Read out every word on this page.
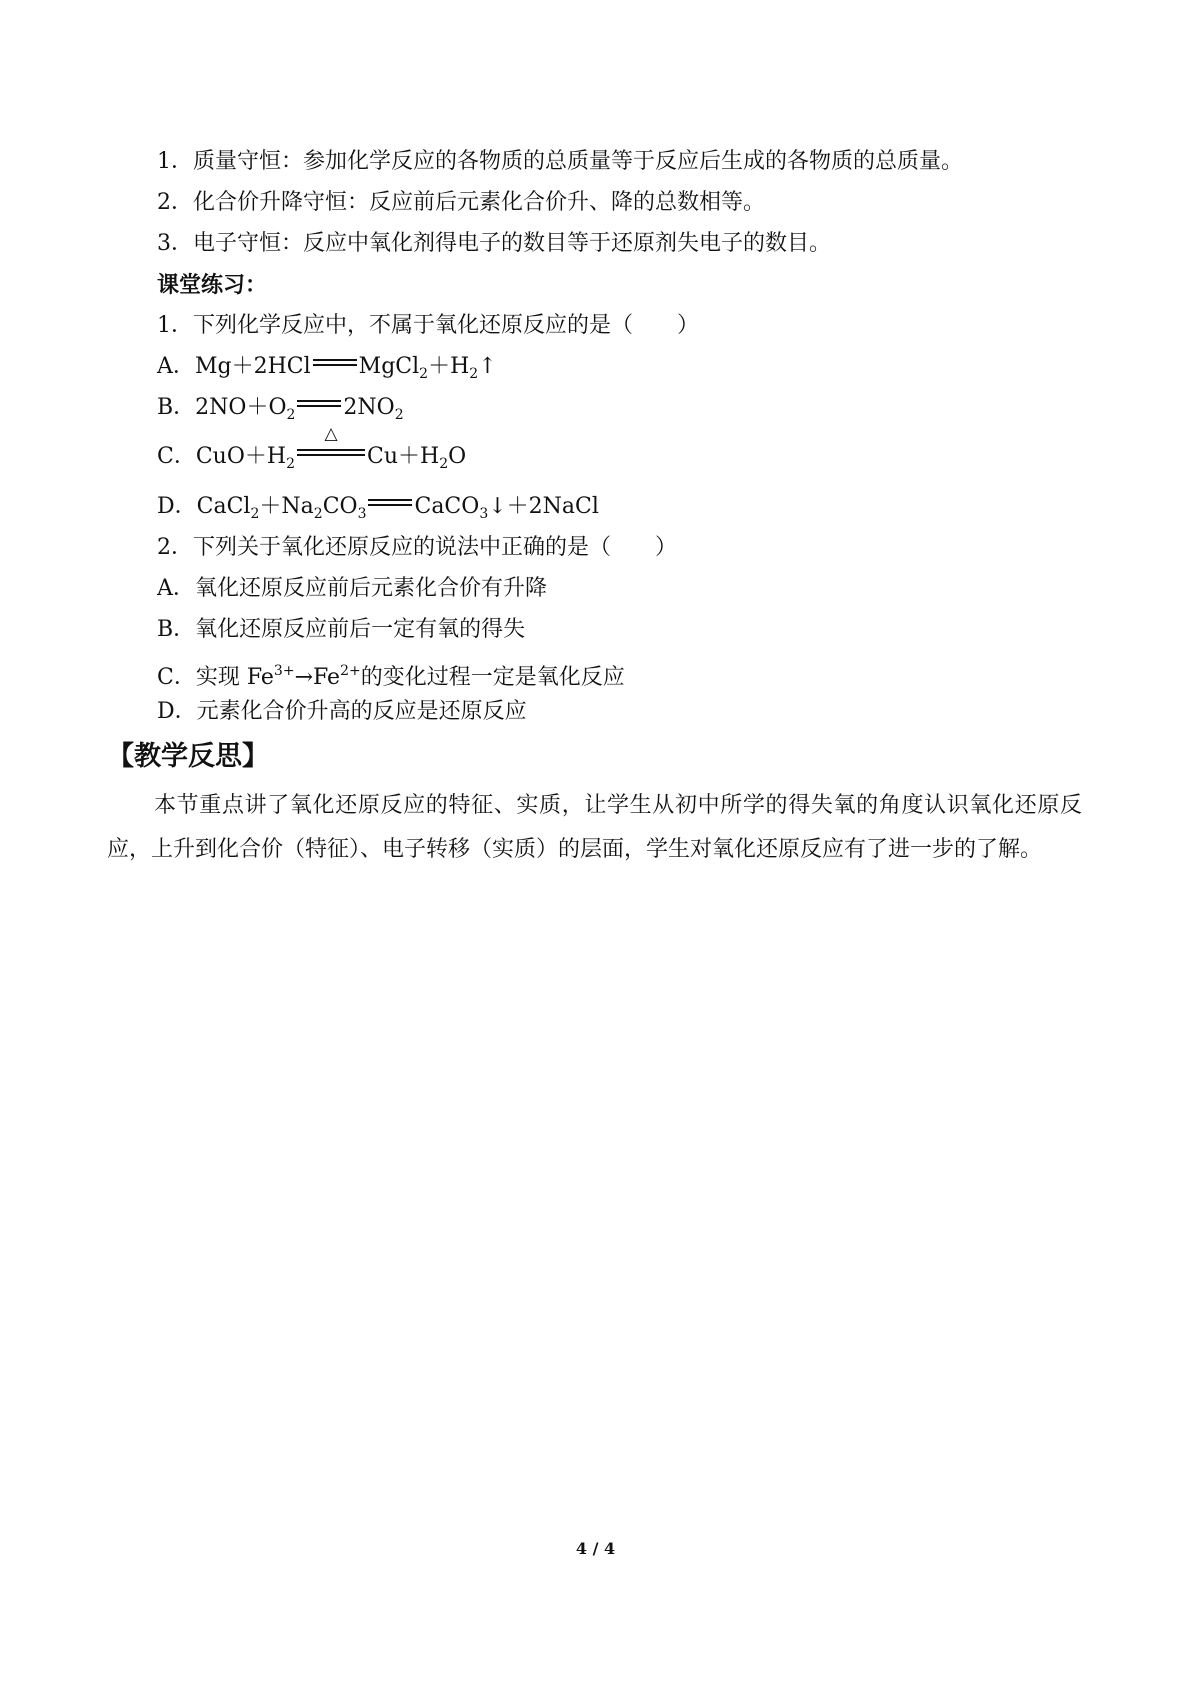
1．质量守恒：参加化学反应的各物质的总质量等于反应后生成的各物质的总质量。
2．化合价升降守恒：反应前后元素化合价升、降的总数相等。
3．电子守恒：反应中氧化剂得电子的数目等于还原剂失电子的数目。
课堂练习：
1．下列化学反应中，不属于氧化还原反应的是（　　）
A．Mg＋2HCl $MgCl_2+H_2↑$
B．$2NO+O_2$ $2NO_2$
C．$CuO+H_2$
△
$Cu+H_2O$
D．$CaCl_2+Na_2CO_3$ CaCO$_3$↓＋2NaCl
2．下列关于氧化还原反应的说法中正确的是（　　）
A．氧化还原反应前后元素化合价有升降
B．氧化还原反应前后一定有氧的得失
C．实现 $Fe^{3+}\to Fe^{2+}$的变化过程一定是氧化反应
D．元素化合价升高的反应是还原反应
【教学反思】
本节重点讲了氧化还原反应的特征、实质，让学生从初中所学的得失氧的角度认识氧化还原反应，上升到化合价（特征）、电子转移（实质）的层面，学生对氧化还原反应有了进一步的了解。
4 / 4
